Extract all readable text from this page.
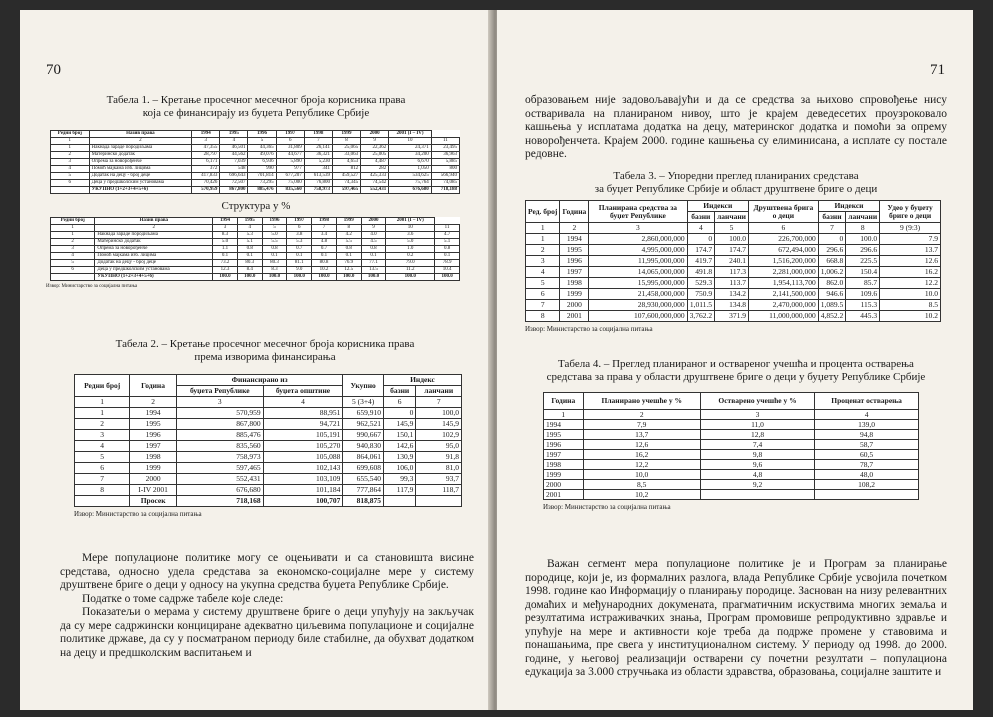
70

Табела 1. – Кретање просечног месечног броја корисника права

која се финансирају из буџета Републике Србије

Редни број	Назив права	1994	1995	1996	1997	1998	1999	2000	2001 (I – IV)	
1	2	3	4	5	6	7	8	9	10	11
1	Накнада зараде породиљама	47,355	46,501	44,365	31,809	26,141	25,065	22,362	24,371	23,495
2	Материнско додатак	28,797	44,562	49,076	44,677	36,321	33,063	25,005	34,200	36,963
3	Опрема за новорођенче	6,171	7,039	6,936	5,890	5,230	4,653	4,487	6,670	5,885
4	Помоћ мајкама изб. лицима	372	548	990	977	341	812	282	1,050	800
5	Додатак на децу - број деце	417,833	696,643	701,814	677,207	613,539	459,527	425,333	534,625	566,940
6	Деца у предшколским установама	70,426	72,507	73,295	75,000	76,800	74,345	74,542	75,764	74,085
	УКУПНО (1+2+3+4+5+6)	570,959	867,800	885,476	835,560	758,973	597,465	552,431	676,680	718,188

Структура у %

Редни број	Назив права	1994	1995	1996	1997	1998	1999	2000	2001 (I – IV)	
1	2	3	4	5	6	7	8	9	10	11
1	Накнада зараде породиљама	8.3	5.3	5.0	3.8	3.4	4.2	4.0	3.6	4.7
2	Материнско додатак	5.0	5.1	5.5	5.3	4.8	5.5	4.5	5.0	5.1
3	Опрема за новорођенче	1.1	0.8	0.8	0.7	0.7	0.8	0.8	1.0	0.8
4	Помоћ мајкама изб. лицима	0.1	0.1	0.1	0.1	0.1	0.1	0.1	0.2	0.1
5	Додатак на децу - број деце	73.2	80.3	80.3	81.1	80.8	76.9	77.1	79.0	78.9
6	Деца у предшколским установама	12.3	8.4	8.3	9.0	10.2	12.5	13.5	11.2	10.4
	УКУПНО (1+2+3+4+5+6)	100.0	100.0	100.0	100.0	100.0	100.0	100.0	100.0	100.0

Извор: Министарство за социјална питања

Табела 2. – Кретање просечног месечног броја корисника права

према изворима финансирања

Редни број	Година	Финансирано из		Укупно	Индекс	
		буџета Републике	буџета општине		базни	ланчани
1	2	3	4	5 (3+4)	6	7
1	1994	570,959	88,951	659,910	0	100,0
2	1995	867,800	94,721	962,521	145,9	145,9
3	1996	885,476	105,191	990,667	150,1	102,9
4	1997	835,560	105,270	940,830	142,6	95,0
5	1998	758,973	105,088	864,061	130,9	91,8
6	1999	597,465	102,143	699,608	106,0	81,0
7	2000	552,431	103,109	655,540	99,3	93,7
8	I-IV 2001	676,680	101,184	777,864	117,9	118,7
	Просек	718,168	100,707	818,875		

Извор: Министарство за социјална питања

Мере популационе политике могу се оцењивати и са становишта висине средстава, односно удела средстава за економско-социјалне мере у систему друштвене бриге о деци у односу на укупна средства буџета Републике Србије.

Податке о томе садрже табеле које следе:

Показатељи о мерама у систему друштвене бриге о деци упућују на закључак да су мере садржински концициране адекватно циљевима популационе и социјалне политике државе, да су у посматраном периоду биле стабилне, да обухват додатком на децу и предшколским васпитањем и

71

образовањем није задовољавајући и да се средства за њихово спровођење нису остваривала на планираном нивоу, што је крајем деведесетих проузроковало кашњења у исплатама додатка на децу, материнског додатка и помоћи за опрему новорођенчета. Крајем 2000. године кашњења су елиминисана, а исплате су постале редовне.

Табела 3. – Упоредни преглед планираних средстава

за буџет Републике Србије и област друштвене бриге о деци

Ред. број	Година	Планирана средства за буџет Републике	Индекси		Друштвена брига о деци	Индекси		Удео у буџету бриге о деци
			базни	ланчани		базни	ланчани	
1	2	3	4	5	6	7	8	9 (9:3)
1	1994	2,860,000,000	0	100.0	226,700,000	0	100.0	7.9
2	1995	4,995,000,000	174.7	174.7	672,494,000	296.6	296.6	13.7
3	1996	11,995,000,000	419.7	240.1	1,516,200,000	668.8	225.5	12.6
4	1997	14,065,000,000	491.8	117.3	2,281,000,000	1,006.2	150.4	16.2
5	1998	15,995,000,000	529.3	113.7	1,954,113,700	862.0	85.7	12.2
6	1999	21,458,000,000	750.9	134.2	2,141,500,000	946.6	109.6	10.0
7	2000	28,930,000,000	1,011.5	134.8	2,470,000,000	1,089.5	115.3	8.5
8	2001	107,600,000,000	3,762.2	371.9	11,000,000,000	4,852.2	445.3	10.2

Извор: Министарство за социјална питања

Табела 4. – Преглед планираног и оствареног учешћа и процента остварења

средстава за права у области друштвене бриге о деци у буџету Републике Србије

Година	Планирано учешће у %	Остварено учешће у %	Проценат остварења
1	2	3	4
1994	7,9	11,0	139,0
1995	13,7	12,8	94,8
1996	12,6	7,4	58,7
1997	16,2	9,8	60,5
1998	12,2	9,6	78,7
1999	10,0	4,8	48,0
2000	8,5	9,2	108,2
2001	10,2		

Извор: Министарство за социјална питања

Важан сегмент мера популационе политике је и Програм за планирање породице, који је, из формалних разлога, влада Републике Србије усвојила почетком 1998. године као Информацију о планирању породице. Заснован на низу релевантних домаћих и међународних докумената, прагматичним искуствима многих земаља и резултатима истраживачких знања, Програм промовише репродуктивно здравље и упућује на мере и активности које треба да подрже промене у ставовима и понашањима, пре свега у институционалном систему. У периоду од 1998. до 2000. године, у његовој реализацији остварени су почетни резултати – популациона едукација за 3.000 стручњака из области здравства, образовања, социјалне заштите и
